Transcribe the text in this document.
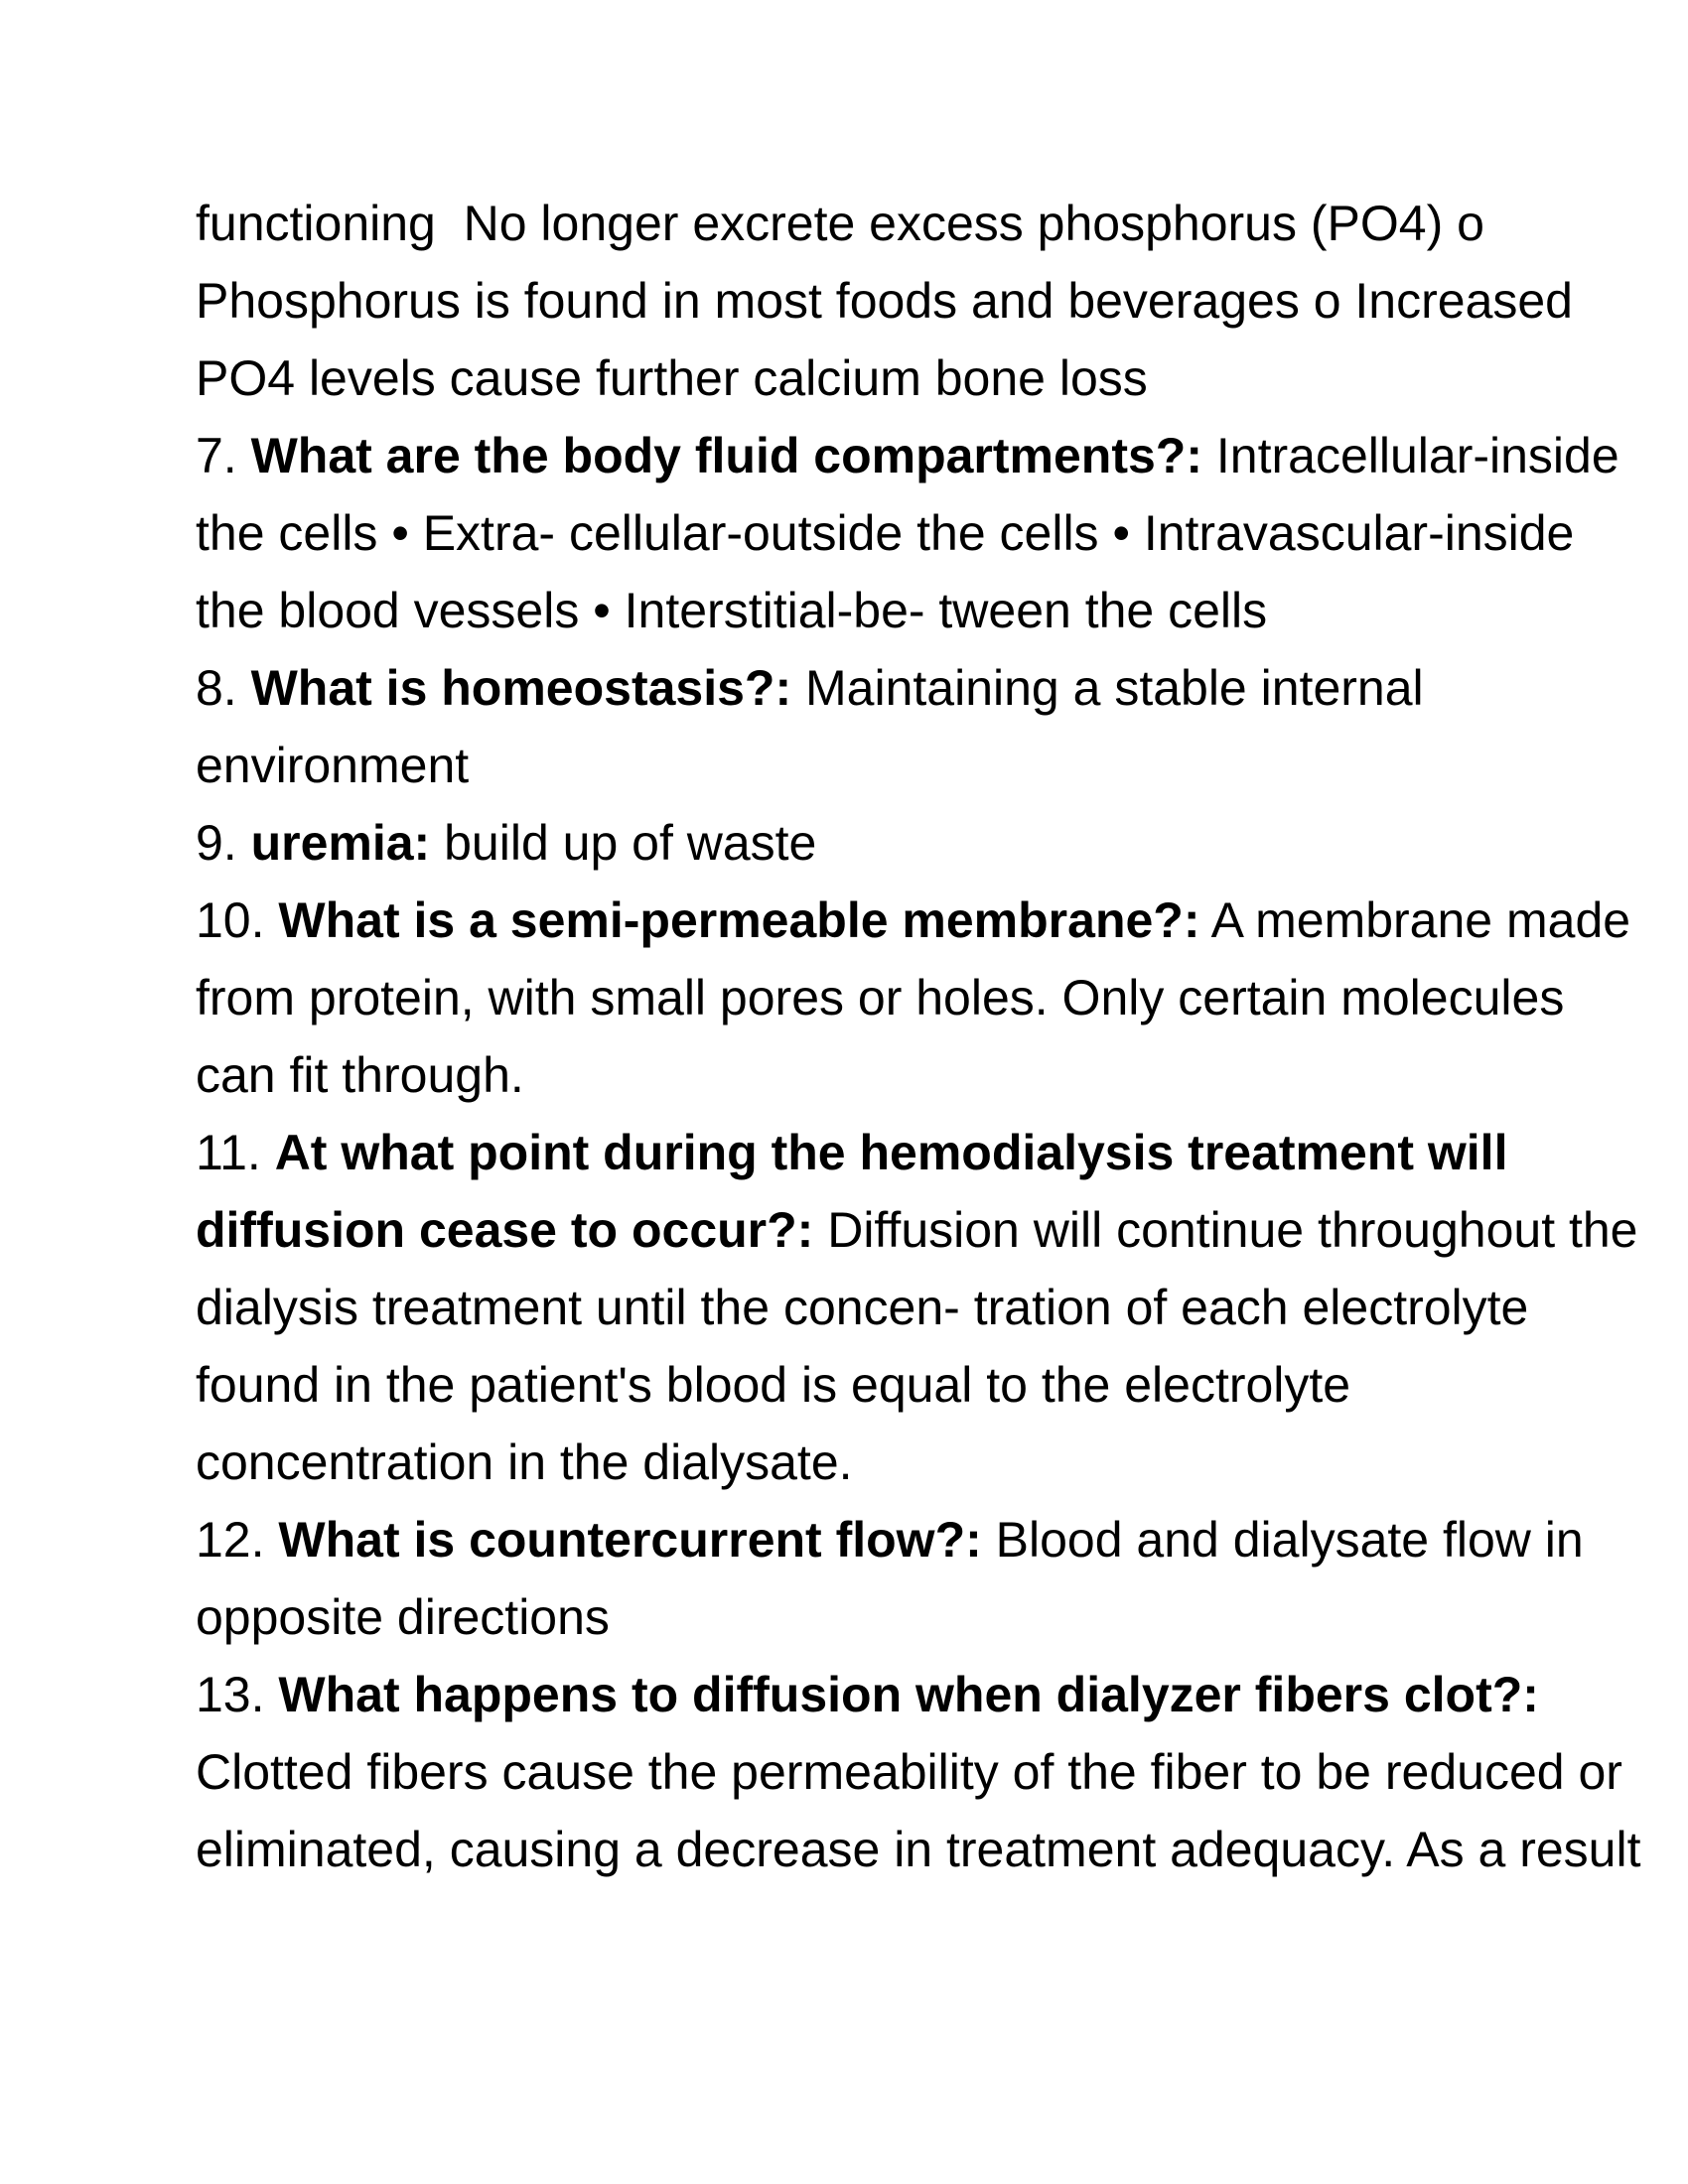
functioning  No longer excrete excess phosphorus (PO4) o
Phosphorus is found in most foods and beverages o Increased
PO4 levels cause further calcium bone loss
7. What are the body fluid compartments?: Intracellular-inside
the cells • Extra- cellular-outside the cells • Intravascular-inside
the blood vessels • Interstitial-be- tween the cells
8. What is homeostasis?: Maintaining a stable internal
environment
9. uremia: build up of waste
10. What is a semi-permeable membrane?: A membrane made
from protein, with small pores or holes. Only certain molecules
can fit through.
11. At what point during the hemodialysis treatment will
diffusion cease to occur?: Diffusion will continue throughout the
dialysis treatment until the concen- tration of each electrolyte
found in the patient's blood is equal to the electrolyte
concentration in the dialysate.
12. What is countercurrent flow?: Blood and dialysate flow in
opposite directions
13. What happens to diffusion when dialyzer fibers clot?:
Clotted fibers cause the permeability of the fiber to be reduced or
eliminated, causing a decrease in treatment adequacy. As a result
